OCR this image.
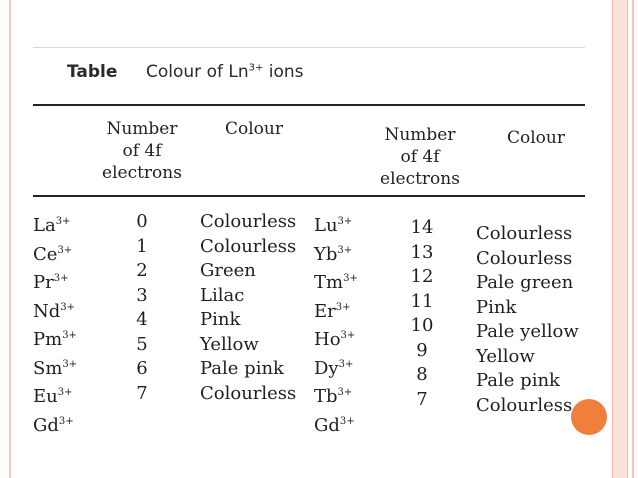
Table Colour of $Ln^{3+}$ ions
Number
of 4f
electrons
Colour	Number
of 4f
electrons
Colour
$La^{3+}$
$Ce^{3+}$
$Pr^{3+}$
$Nd^{3+}$
$Pm^{3+}$
$Sm^{3+}$
$Eu^{3+}$
$Gd^{3+}$
0
1
2
3
4
5
6
7
Colourless
Colourless
Green
Lilac
Pink
Yellow
Pale pink
Colourless
$Lu^{3+}$
$Yb^{3+}$
$Tm^{3+}$
$Er^{3+}$
$Ho^{3+}$
$Dy^{3+}$
$Tb^{3+}$
$Gd^{3+}$
14
13
12
11
10
9
8
7
Colourless
Colourless
Pale green
Pink
Pale yellow
Yellow
Pale pink
Colourless
